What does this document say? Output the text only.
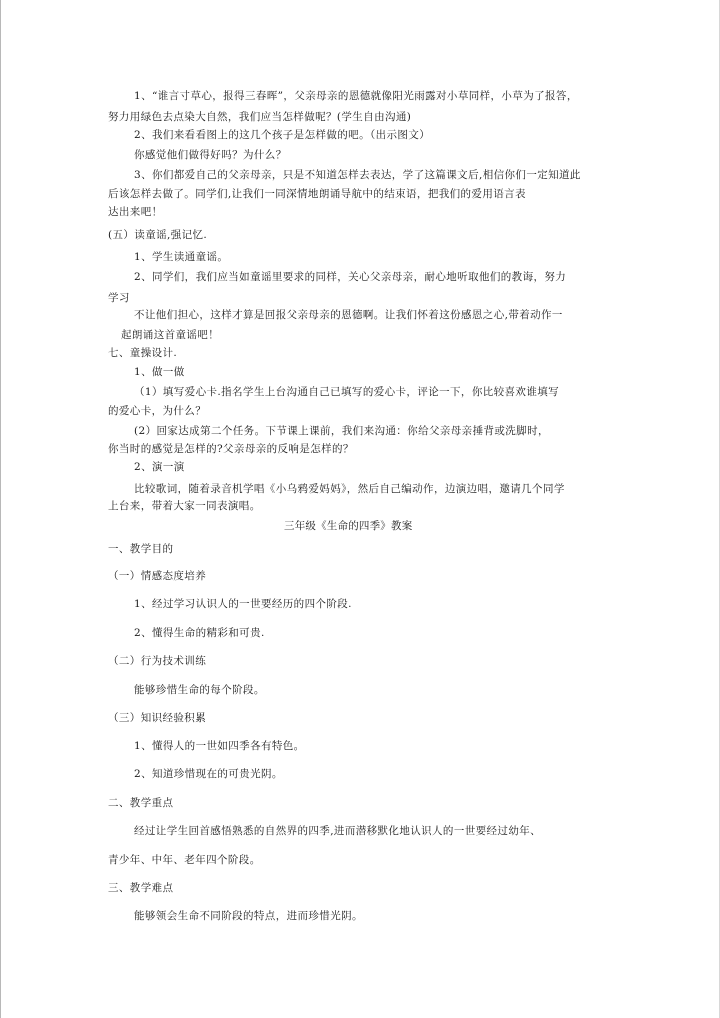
1、“谁言寸草心，报得三春晖”，父亲母亲的恩德就像阳光雨露对小草同样，小草为了报答，
努力用绿色去点染大自然，我们应当怎样做呢？(学生自由沟通)
2、我们来看看图上的这几个孩子是怎样做的吧。（出示图文）
你感觉他们做得好吗？为什么？
3、你们都爱自己的父亲母亲，只是不知道怎样去表达，学了这篇课文后,相信你们一定知道此
后该怎样去做了。同学们,让我们一同深情地朗诵导航中的结束语，把我们的爱用语言表
达出来吧！
(五）读童谣,强记忆.
1、学生读通童谣。
2、同学们，我们应当如童谣里要求的同样，关心父亲母亲，耐心地听取他们的教诲，努力
学习
不让他们担心，这样才算是回报父亲母亲的恩德啊。让我们怀着这份感恩之心,带着动作一
起朗诵这首童谣吧！
七、童操设计.
1、做一做
（1）填写爱心卡.指名学生上台沟通自己已填写的爱心卡，评论一下，你比较喜欢谁填写
的爱心卡，为什么？
(2）回家达成第二个任务。下节课上课前，我们来沟通：你给父亲母亲捶背或洗脚时，
你当时的感觉是怎样的?父亲母亲的反响是怎样的？
2、演一演
比较歌词，随着录音机学唱《小乌鸦爱妈妈》，然后自己编动作，边演边唱，邀请几个同学
上台来，带着大家一同表演唱。
三年级《生命的四季》教案
一、教学目的
（一）情感态度培养
1、经过学习认识人的一世要经历的四个阶段.
2、懂得生命的精彩和可贵.
（二）行为技术训练
能够珍惜生命的每个阶段。
（三）知识经验积累
1、懂得人的一世如四季各有特色。
2、知道珍惜现在的可贵光阴。
二、教学重点
经过让学生回首感悟熟悉的自然界的四季,进而潜移默化地认识人的一世要经过幼年、
青少年、中年、老年四个阶段。
三、教学难点
能够领会生命不同阶段的特点，进而珍惜光阴。
